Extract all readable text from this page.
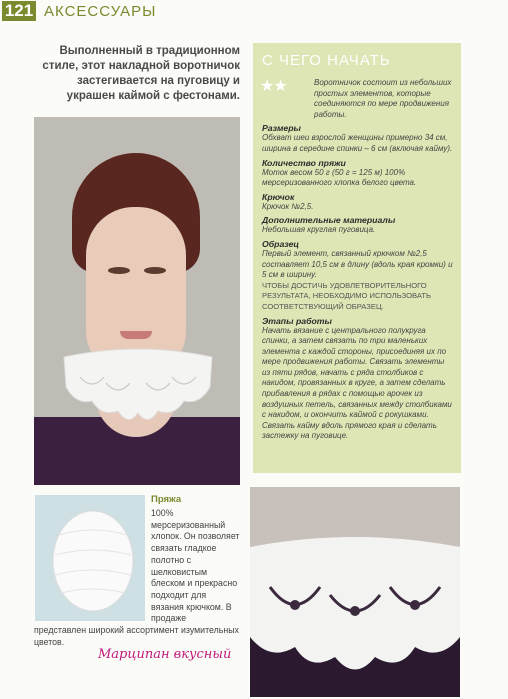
121 АКСЕССУАРЫ
Выполненный в традиционном стиле, этот накладной воротничок застегивается на пуговицу и украшен каймой с фестонами.
С ЧЕГО НАЧАТЬ
★★	Воротничок состоит из небольших простых элементов, которые соединяются по мере продвижения работы.

Размеры

Обхват шеи взрослой женщины примерно 34 см, ширина в середине спинки – 6 см (включая кайму).

Количество пряжи

Моток весом 50 г (50 г = 125 м) 100% мерсеризованного хлопка белого цвета.

Крючок

Крючок №2,5.

Дополнительные материалы

Небольшая круглая пуговица.

Образец

Первый элемент, связанный крючком №2,5 составляет 10,5 см в длину (вдоль края кромки) и 5 см в ширину.

ЧТОБЫ ДОСТИЧЬ УДОВЛЕТВОРИТЕЛЬНОГО РЕЗУЛЬТАТА, НЕОБХОДИМО ИСПОЛЬЗОВАТЬ СООТВЕТСТВУЮЩИЙ ОБРАЗЕЦ.

Этапы работы

Начать вязание с центрального полукруга спинки, а затем связать по три маленьких элемента с каждой стороны, присоединяя их по мере продвижения работы. Связать элементы из пяти рядов, начать с ряда столбиков с накидом, провязанных в круге, а затем сделать прибавления в рядах с помощью арочек из воздушных петель, связанных между столбиками с накидом, и окончить каймой с рокушками. Связать кайму вдоль прямого края и сделать застежку на пуговице.

Пряжа
100% мерсеризованный хлопок. Он позволяет связать гладкое полотно с шелковистым блеском и прекрасно подходит для вязания крючком. В продаже
представлен широкий ассортимент изумительных цветов.
Марципан вкусный
